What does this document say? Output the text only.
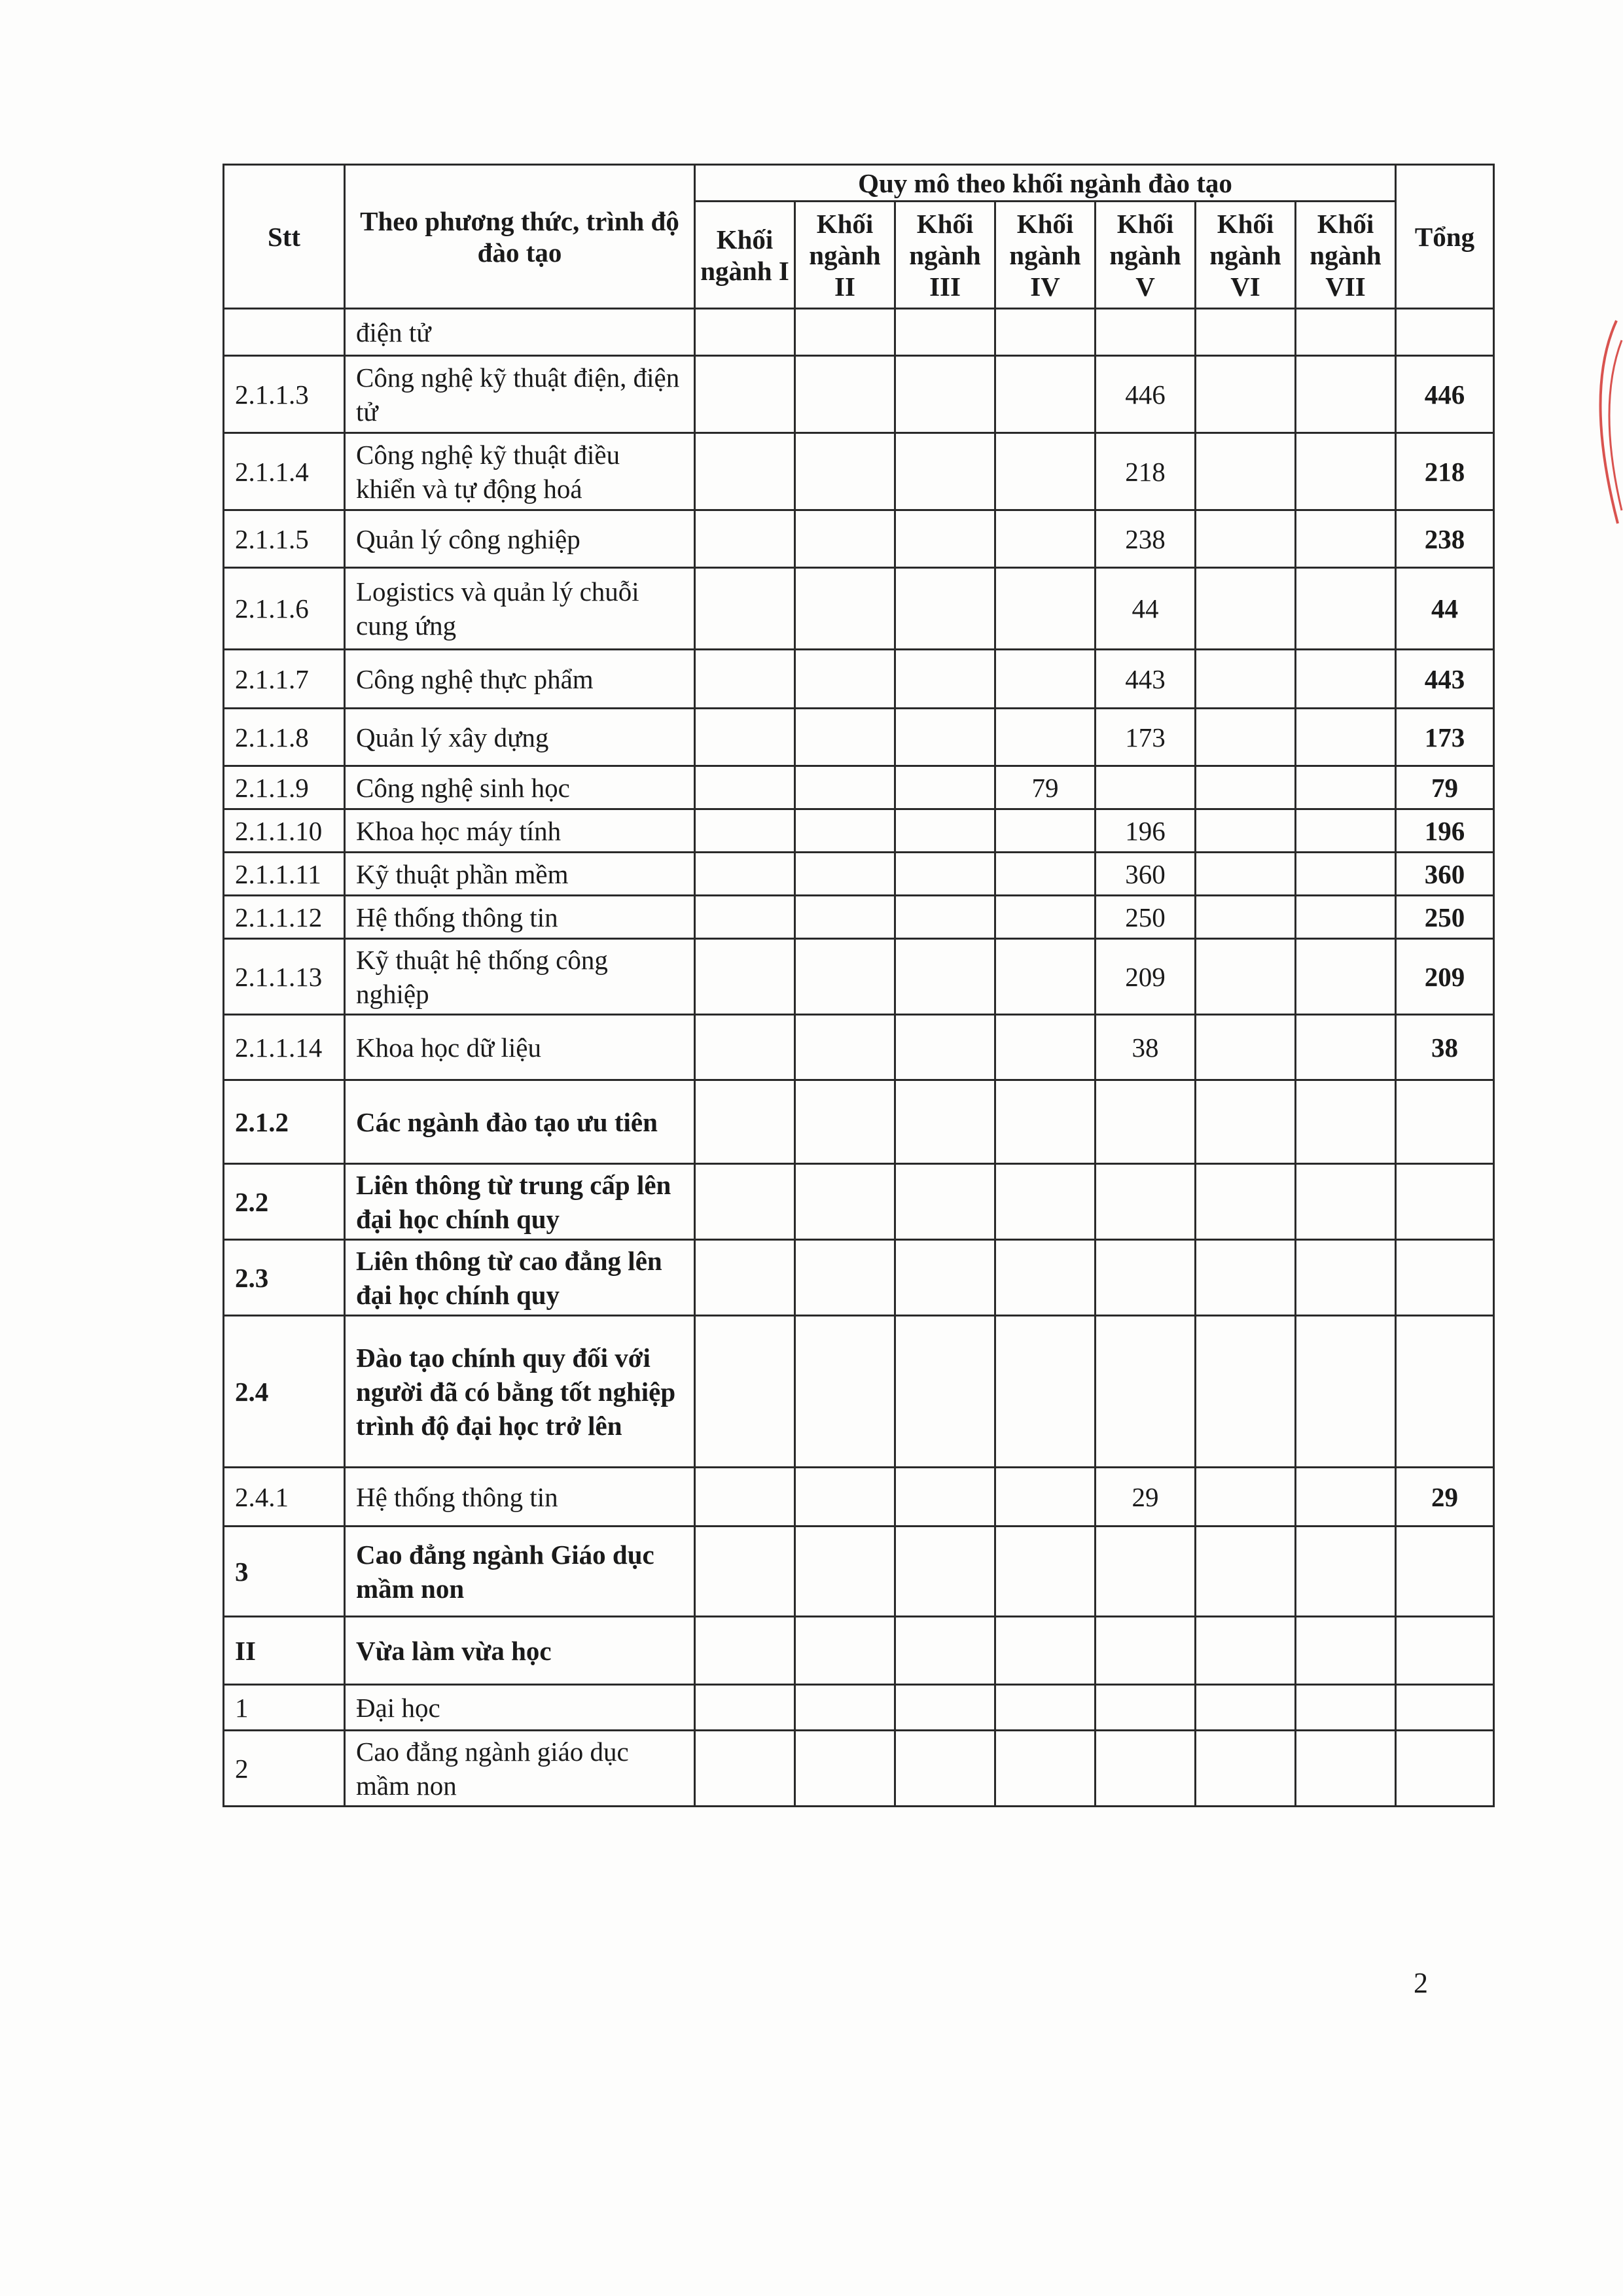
Stt	Theo phương thức, trình độ đào tạo	Quy mô theo khối ngành đào tạo							Tổng
		Khối ngành I	Khối ngành II	Khối ngành III	Khối ngành IV	Khối ngành V	Khối ngành VI	Khối ngành VII	
	điện tử								
2.1.1.3	Công nghệ kỹ thuật điện, điện tử					446			446
2.1.1.4	Công nghệ kỹ thuật điều khiển và tự động hoá					218			218
2.1.1.5	Quản lý công nghiệp					238			238
2.1.1.6	Logistics và quản lý chuỗi cung ứng					44			44
2.1.1.7	Công nghệ thực phẩm					443			443
2.1.1.8	Quản lý xây dựng					173			173
2.1.1.9	Công nghệ sinh học				79				79
2.1.1.10	Khoa học máy tính					196			196
2.1.1.11	Kỹ thuật phần mềm					360			360
2.1.1.12	Hệ thống thông tin					250			250
2.1.1.13	Kỹ thuật hệ thống công nghiệp					209			209
2.1.1.14	Khoa học dữ liệu					38			38
2.1.2	Các ngành đào tạo ưu tiên								
2.2	Liên thông từ trung cấp lên đại học chính quy								
2.3	Liên thông từ cao đẳng lên đại học chính quy								
2.4	Đào tạo chính quy đối với người đã có bằng tốt nghiệp trình độ đại học trở lên								
2.4.1	Hệ thống thông tin					29			29
3	Cao đẳng ngành Giáo dục mầm non								
II	Vừa làm vừa học								
1	Đại học								
2	Cao đẳng ngành giáo dục mầm non								
2
